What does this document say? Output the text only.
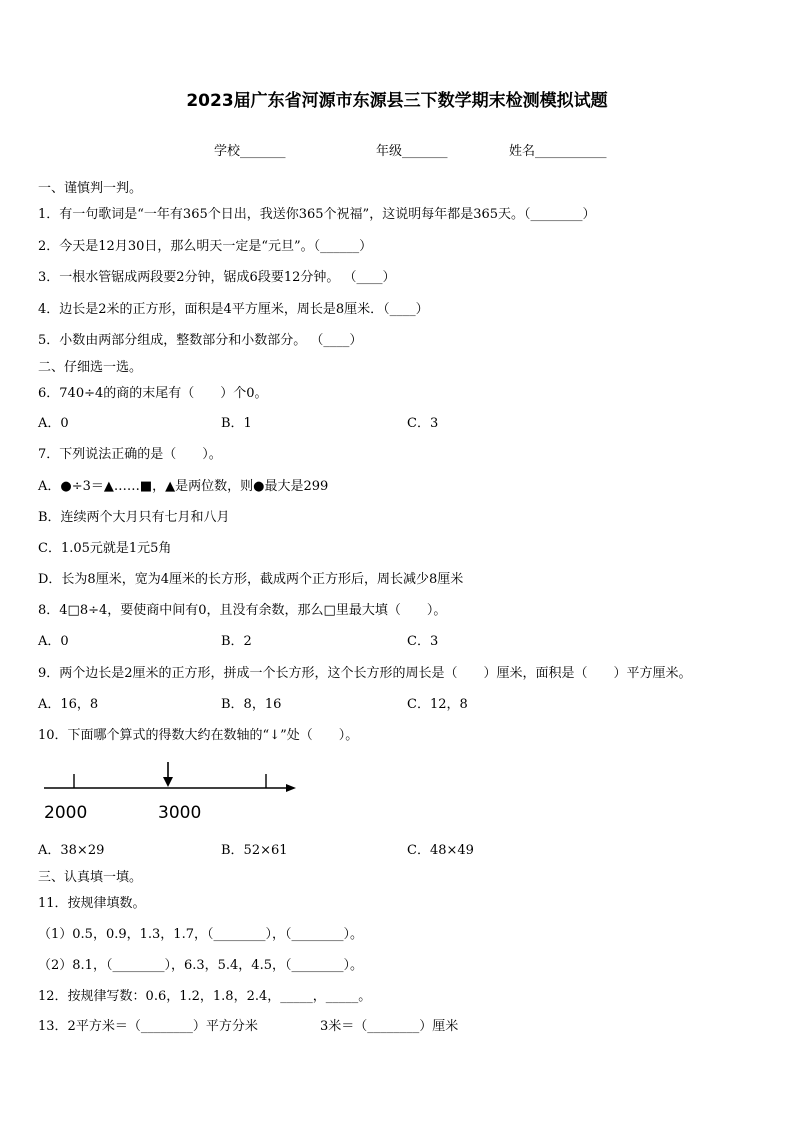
2023届广东省河源市东源县三下数学期末检测模拟试题
学校_______	年级_______	姓名___________
一、谨慎判一判。
1．有一句歌词是“一年有365个日出，我送你365个祝福”，这说明每年都是365天。（________）
2．今天是12月30日，那么明天一定是“元旦”。（______）
3．一根水管锯成两段要2分钟，锯成6段要12分钟。 （____）
4．边长是2米的正方形，面积是4平方厘米，周长是8厘米．（____）
5．小数由两部分组成，整数部分和小数部分。 （____）
二、仔细选一选。
6．740÷4的商的末尾有（　　）个0。
A．0	B．1	C．3
7．下列说法正确的是（　　）。
A．●÷3＝▲……■，▲是两位数，则●最大是299
B．连续两个大月只有七月和八月
C．1.05元就是1元5角
D．长为8厘米，宽为4厘米的长方形，截成两个正方形后，周长减少8厘米
8．4□8÷4，要使商中间有0，且没有余数，那么□里最大填（　　）。
A．0	B．2	C．3
9．两个边长是2厘米的正方形，拼成一个长方形，这个长方形的周长是（　　）厘米，面积是（　　）平方厘米。
A．16，8	B．8，16	C．12，8
10．下面哪个算式的得数大约在数轴的“↓”处（　　）。
2000	3000
A．38×29	B．52×61	C．48×49
三、认真填一填。
11．按规律填数。
（1）0.5，0.9，1.3，1.7，（________），（________）。
（2）8.1，（________），6.3，5.4，4.5，（________）。
12．按规律写数：0.6，1.2，1.8，2.4，_____，_____。
13．2平方米＝（________）平方分米	3米＝（________）厘米
